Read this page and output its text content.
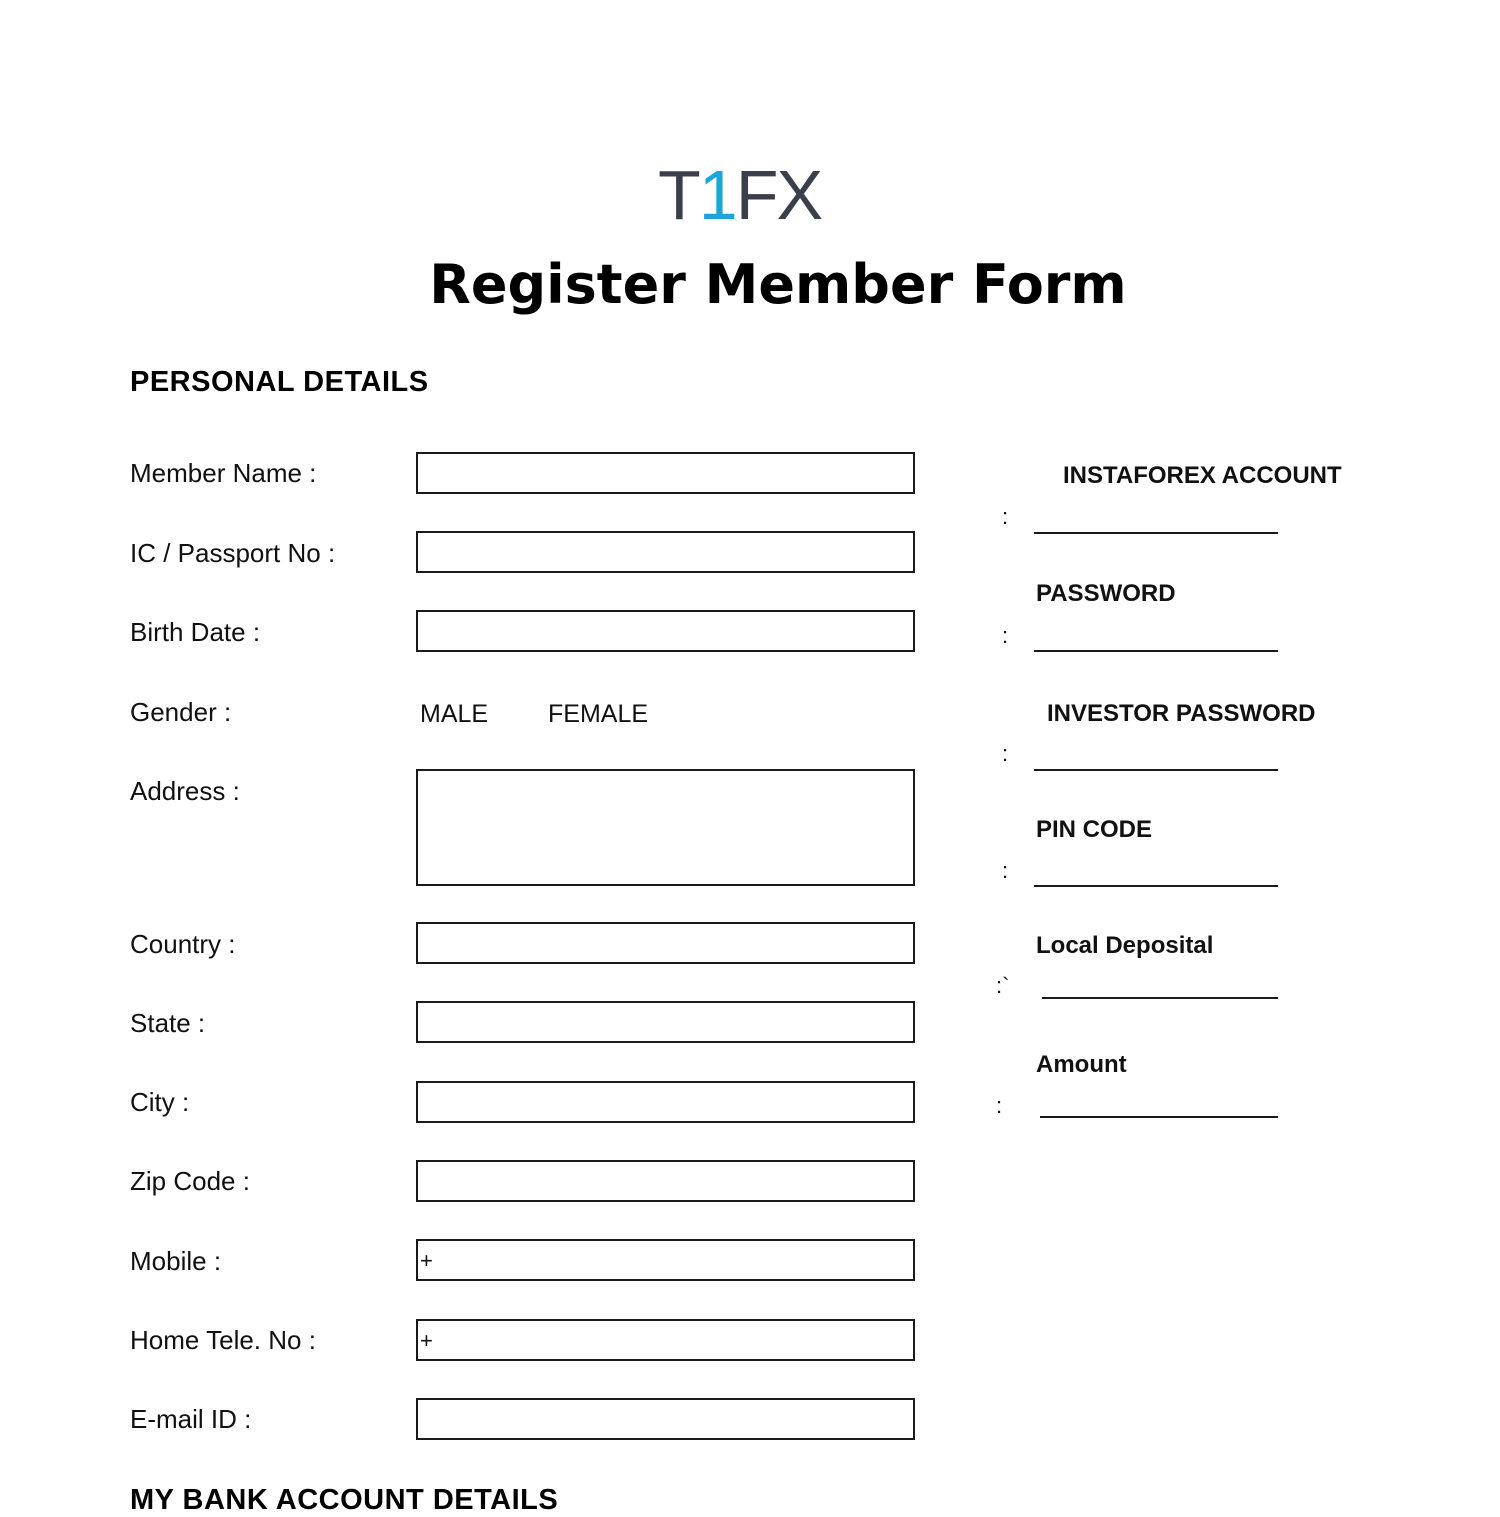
T1FX
Register Member Form
PERSONAL DETAILS
Member Name :
IC / Passport No :
Birth Date :
Gender :	MALE FEMALE
Address :
Country :
State :
City :
Zip Code :
Mobile :	+
Home Tele. No :	+
E-mail ID :
MY BANK ACCOUNT DETAILS
INSTAFOREX ACCOUNT
:
PASSWORD
:
INVESTOR PASSWORD
:
PIN CODE
:
Local Deposital
:`
Amount
:
